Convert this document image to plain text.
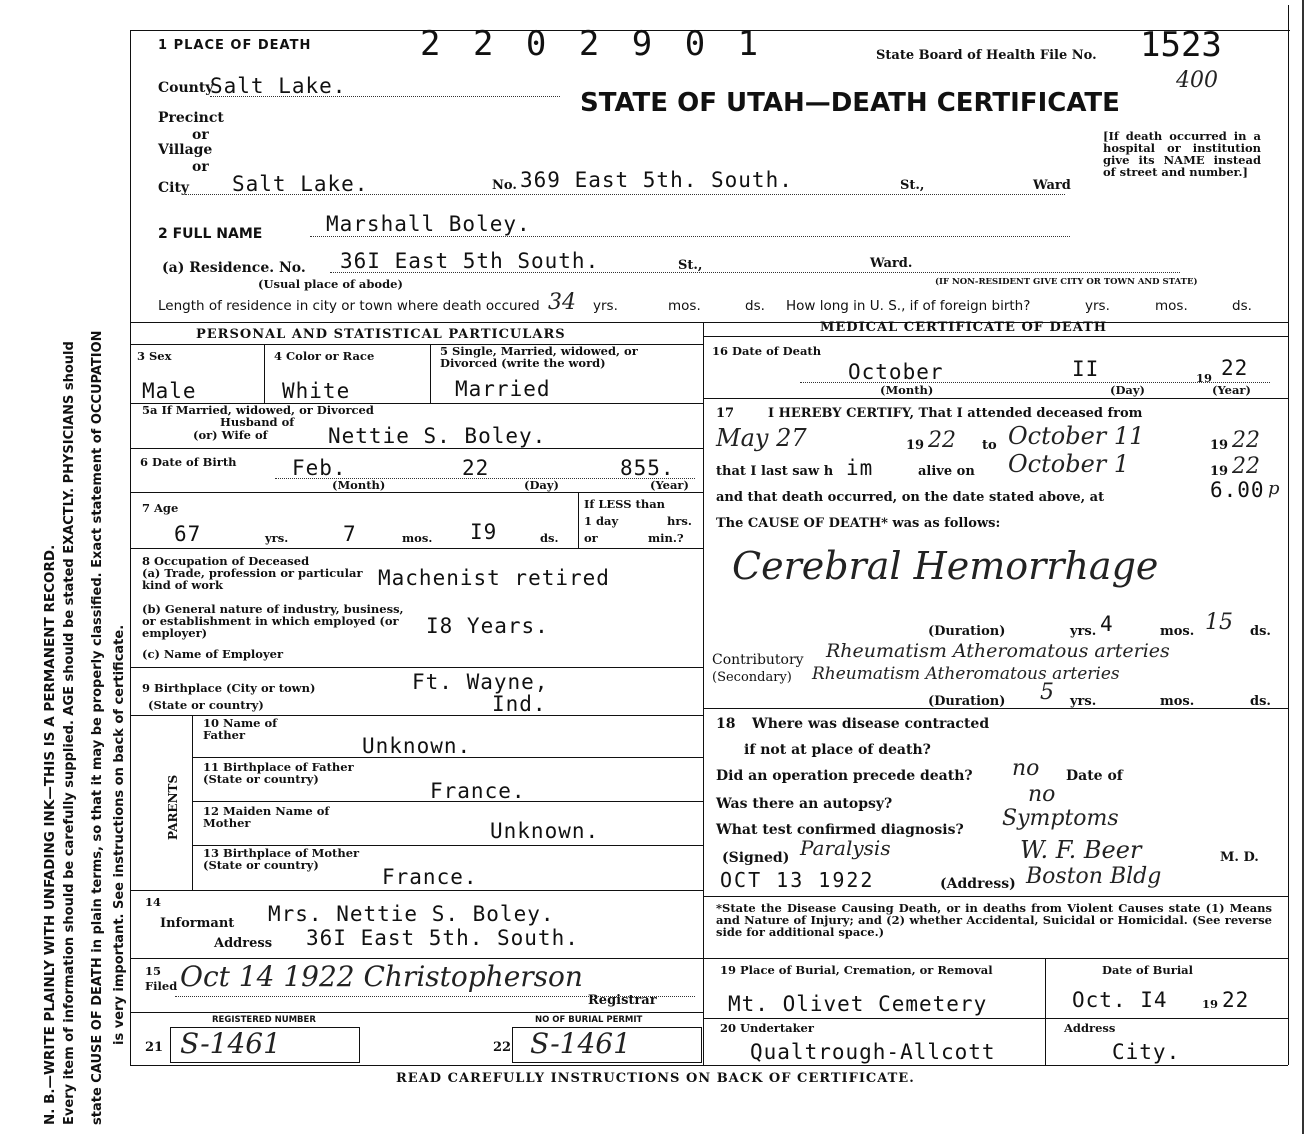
N. B.—WRITE PLAINLY WITH UNFADING INK—THIS IS A PERMANENT RECORD. Every item of information should be carefully supplied. AGE should be stated EXACTLY. PHYSICIANS should state CAUSE OF DEATH in plain terms, so that it may be properly classified. Exact statement of OCCUPATION is very important. See instructions on back of certificate.
1 PLACE OF DEATH	2 2 0 2 9 0 1	State Board of Health File No. 1523
400
STATE OF UTAH—DEATH CERTIFICATE
[If death occurred in a hospital or institution give its NAME instead of street and number.]
County
Salt Lake.
Precinct
or
Village
or
City Salt Lake.	No. 369 East 5th. South.	St.,	Ward
2 FULL NAME	Marshall Boley.
(a) Residence. No. 36I East 5th South.	St.,	Ward.
(Usual place of abode)	(IF NON-RESIDENT GIVE CITY OR TOWN AND STATE)
Length of residence in city or town where death occured 34 yrs.	mos.	ds. How long in U. S., if of foreign birth?	yrs.	mos.	ds.
PERSONAL AND STATISTICAL PARTICULARS
3 Sex
Male
4 Color or Race
White
5 Single, Married, widowed, or Divorced (write the word)
Married
5a If Married, widowed, or Divorced
Husband of
(or) Wife of	Nettie S. Boley.
6 Date of Birth	Feb.	22	855.
(Month)	(Day)	(Year)
7 Age
67	yrs.	7	mos. I9	ds.
If LESS than
1 day	hrs.
or	min.?
8 Occupation of Deceased
(a) Trade, profession or particular kind of work	Machenist retired
(b) General nature of industry, business, or establishment in which employed (or employer)	I8 Years.
(c) Name of Employer
9 Birthplace (City or town)
(State or country)
Ft. Wayne,
Ind.
PARENTS
10 Name of Father	Unknown.
11 Birthplace of Father (State or country)	France.
12 Maiden Name of Mother	Unknown.
13 Birthplace of Mother (State or country)	France.
14
Informant Mrs. Nettie S. Boley.
Address 36I East 5th. South.
15
Filed Oct 14 1922 Christopherson
Registrar
REGISTERED NUMBER	NO OF BURIAL PERMIT
21 S-1461	22 S-1461
MEDICAL CERTIFICATE OF DEATH
16 Date of Death
October	II	19 22
(Month)	(Day)	(Year)
17	I HEREBY CERTIFY, That I attended deceased from
May 27	19 22 to October 11	19 22
that I last saw h im	alive on October 1	19 22
and that death occurred, on the date stated above, at	6.00 p
The CAUSE OF DEATH* was as follows:
Cerebral Hemorrhage
(Duration)	yrs. 4	mos. 15 ds.
Contributory Rheumatism Atheromatous arteries
(Secondary) Rheumatism Atheromatous arteries
(Duration) 5 yrs.	mos.	ds.
18 Where was disease contracted
if not at place of death?
Did an operation precede death? no Date of
Was there an autopsy?	no
What test confirmed diagnosis? Symptoms
(Signed) Paralysis	W. F. Beer	M. D.
OCT 13 1922	(Address) Boston Bldg
*State the Disease Causing Death, or in deaths from Violent Causes state (1) Means and Nature of Injury; and (2) whether Accidental, Suicidal or Homicidal. (See reverse side for additional space.)
19 Place of Burial, Cremation, or Removal	Date of Burial
Mt. Olivet Cemetery	Oct. I4	19 22
20 Undertaker	Address
Qualtrough-Allcott	City.
READ CAREFULLY INSTRUCTIONS ON BACK OF CERTIFICATE.
